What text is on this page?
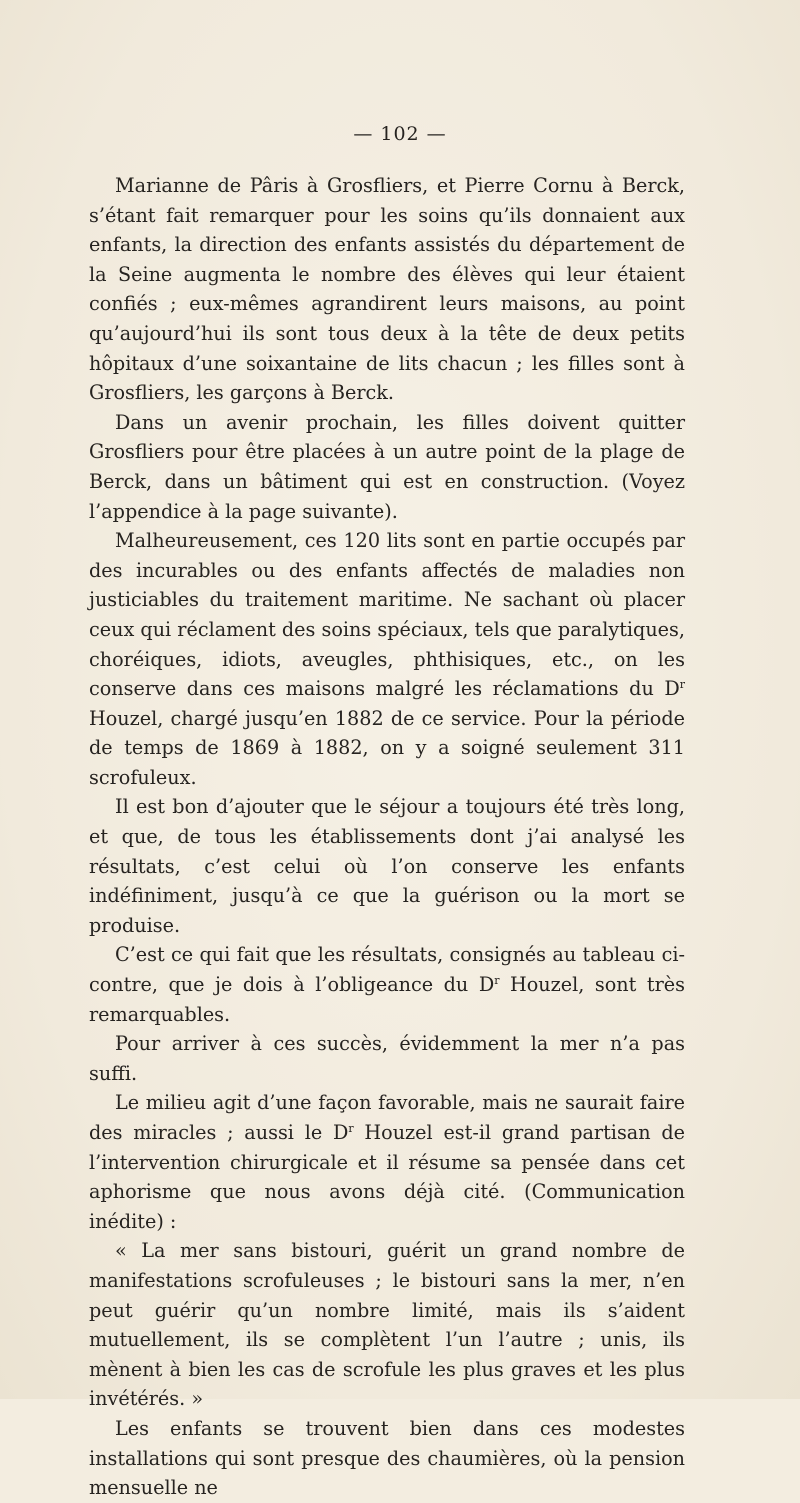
— 102 —

Marianne de Pâris à Grosfliers, et Pierre Cornu à Berck, s’étant fait remarquer pour les soins qu’ils donnaient aux enfants, la direction des enfants assistés du département de la Seine augmenta le nombre des élèves qui leur étaient confiés ; eux-mêmes agrandirent leurs maisons, au point qu’aujourd’hui ils sont tous deux à la tête de deux petits hôpitaux d’une soixantaine de lits chacun ; les filles sont à Grosfliers, les garçons à Berck.

Dans un avenir prochain, les filles doivent quitter Grosfliers pour être placées à un autre point de la plage de Berck, dans un bâtiment qui est en construction. (Voyez l’appendice à la page suivante).

Malheureusement, ces 120 lits sont en partie occupés par des incurables ou des enfants affectés de maladies non justiciables du traitement maritime. Ne sachant où placer ceux qui réclament des soins spéciaux, tels que paralytiques, choréiques, idiots, aveugles, phthisiques, etc., on les conserve dans ces maisons malgré les réclamations du $D^r$ Houzel, chargé jusqu’en 1882 de ce service. Pour la période de temps de 1869 à 1882, on y a soigné seulement 311 scrofuleux.

Il est bon d’ajouter que le séjour a toujours été très long, et que, de tous les établissements dont j’ai analysé les résultats, c’est celui où l’on conserve les enfants indéfiniment, jusqu’à ce que la guérison ou la mort se produise.

C’est ce qui fait que les résultats, consignés au tableau ci-contre, que je dois à l’obligeance du $D^r$ Houzel, sont très remarquables.

Pour arriver à ces succès, évidemment la mer n’a pas suffi.

Le milieu agit d’une façon favorable, mais ne saurait faire des miracles ; aussi le $D^r$ Houzel est-il grand partisan de l’intervention chirurgicale et il résume sa pensée dans cet aphorisme que nous avons déjà cité. (Communication inédite) :

« La mer sans bistouri, guérit un grand nombre de manifestations scrofuleuses ; le bistouri sans la mer, n’en peut guérir qu’un nombre limité, mais ils s’aident mutuellement, ils se complètent l’un l’autre ; unis, ils mènent à bien les cas de scrofule les plus graves et les plus invétérés. »

Les enfants se trouvent bien dans ces modestes installations qui sont presque des chaumières, où la pension mensuelle ne
